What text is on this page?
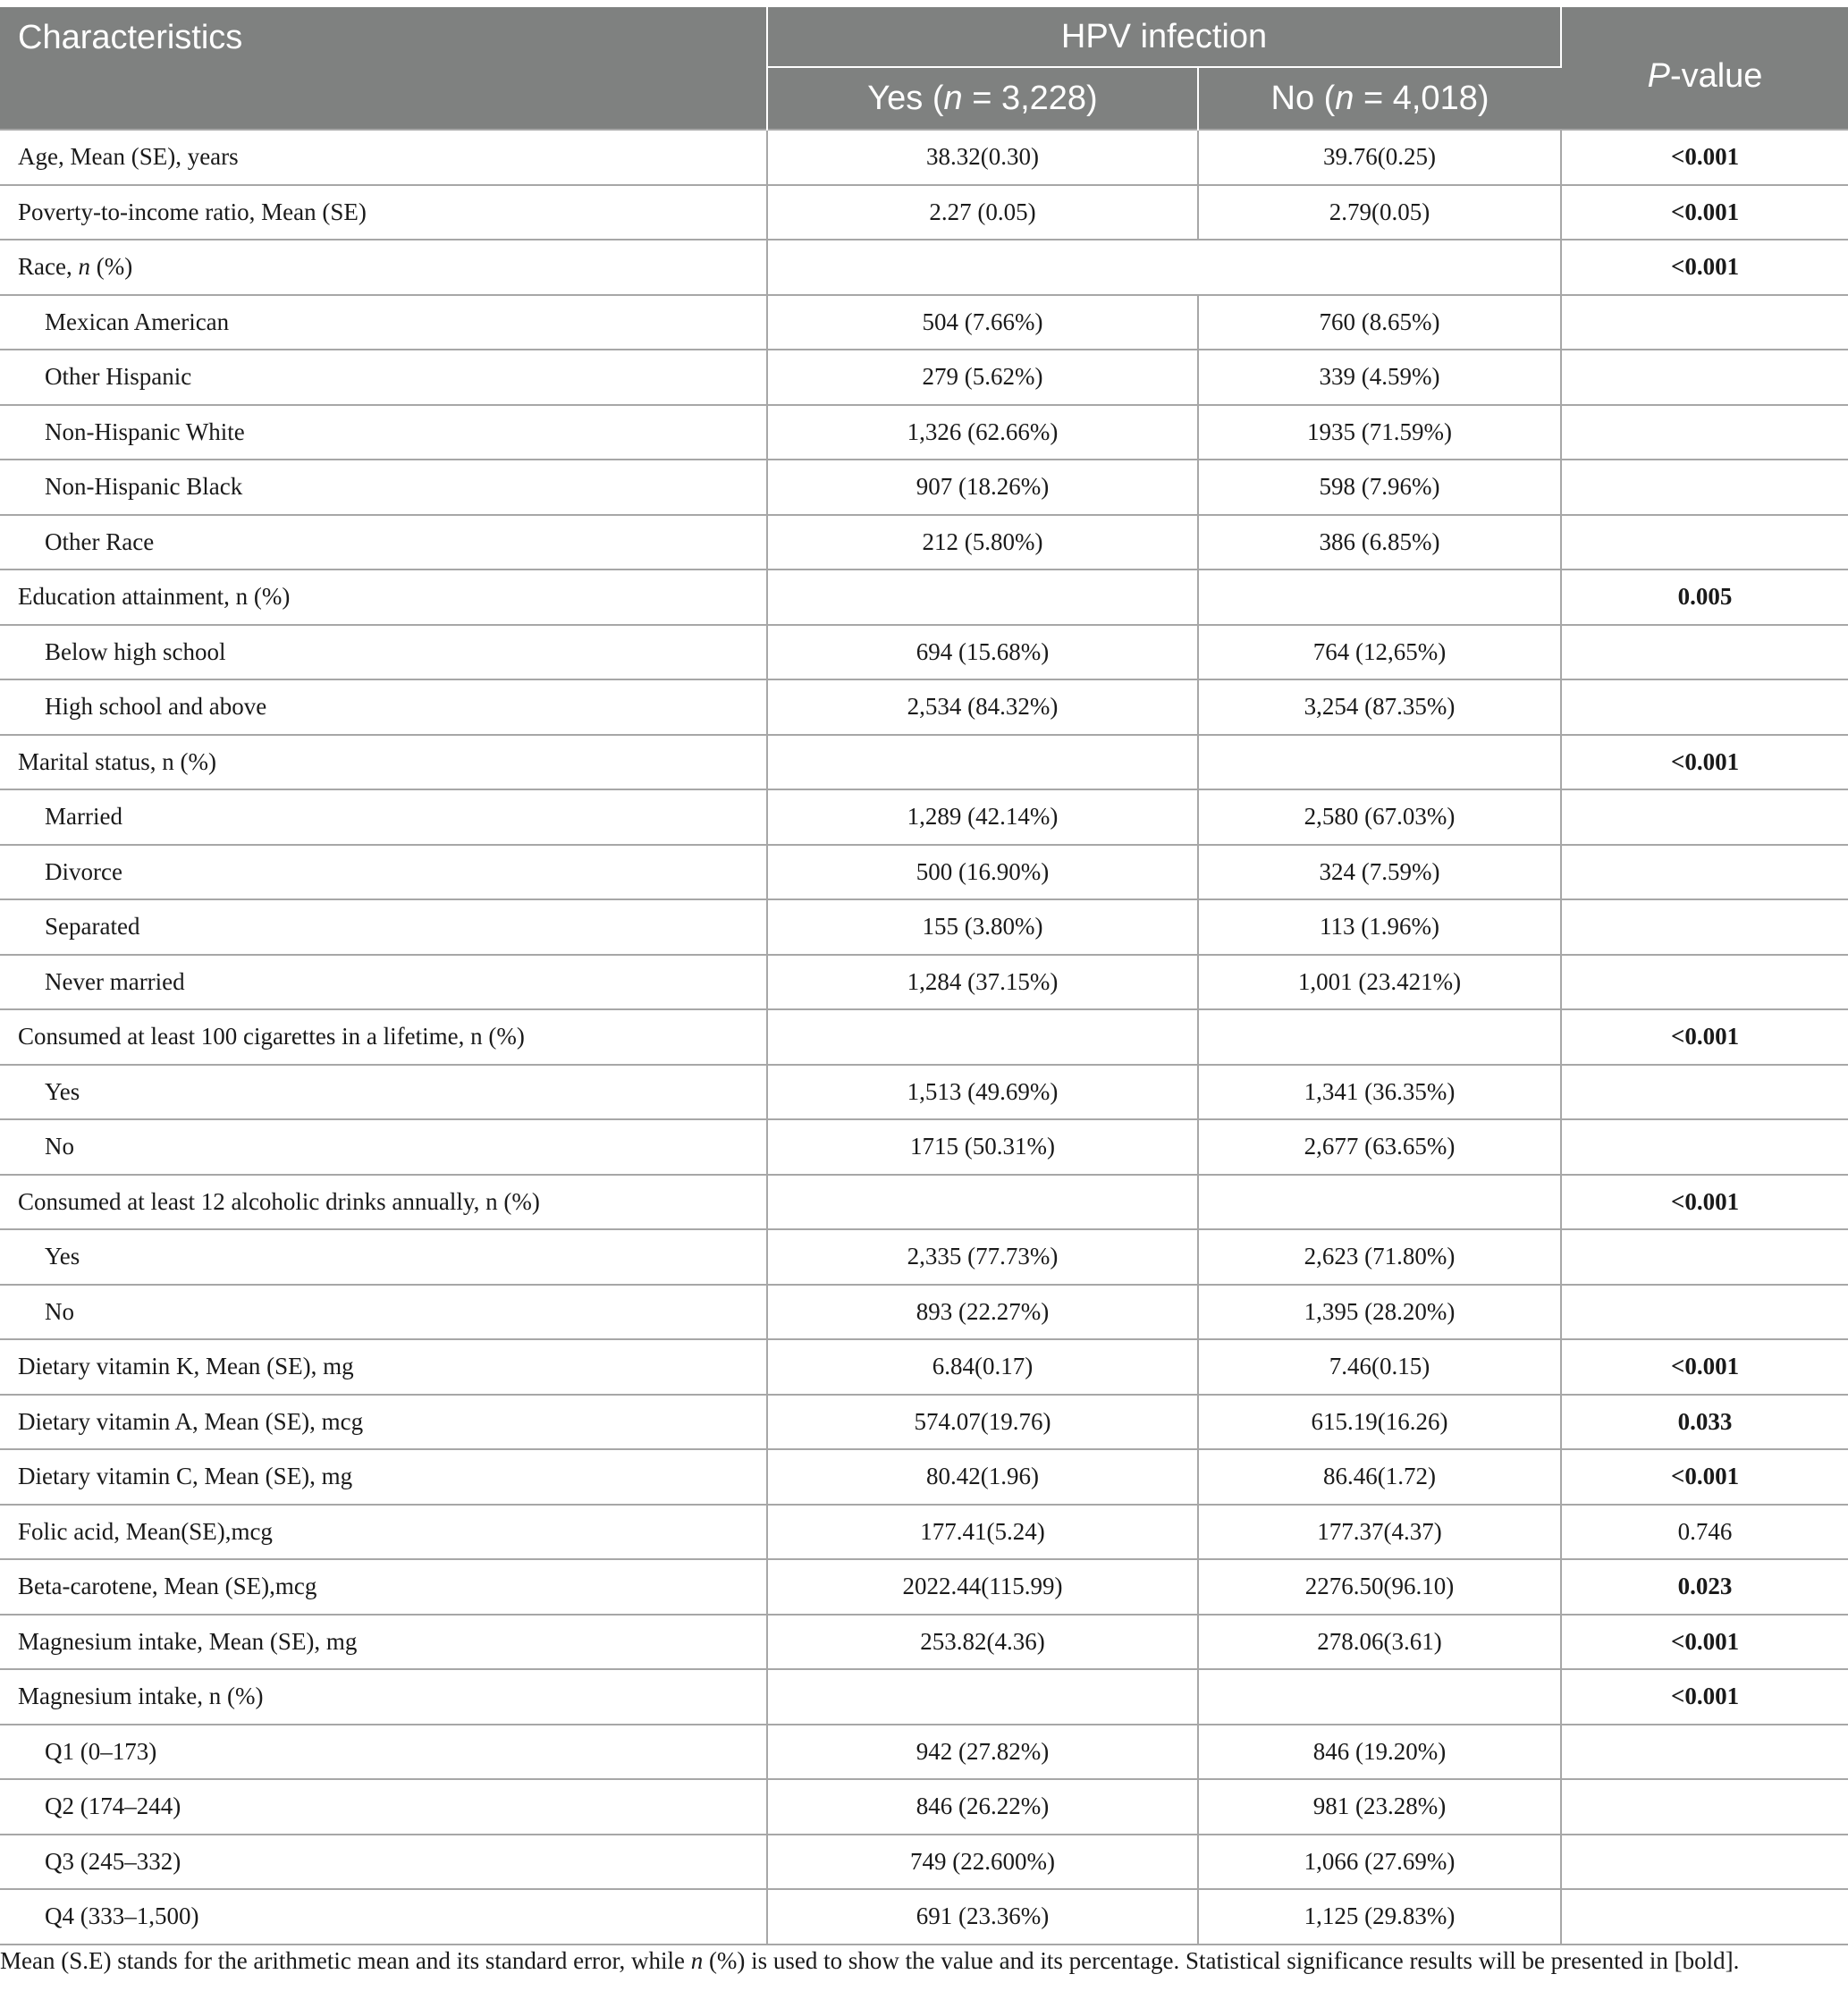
Characteristics	HPV infection		P-value
	Yes (n = 3,228)	No (n = 4,018)	
Age, Mean (SE), years	38.32(0.30)	39.76(0.25)	<0.001
Poverty-to-income ratio, Mean (SE)	2.27 (0.05)	2.79(0.05)	<0.001
Race, n (%)			<0.001
Mexican American	504 (7.66%)	760 (8.65%)	
Other Hispanic	279 (5.62%)	339 (4.59%)	
Non-Hispanic White	1,326 (62.66%)	1935 (71.59%)	
Non-Hispanic Black	907 (18.26%)	598 (7.96%)	
Other Race	212 (5.80%)	386 (6.85%)	
Education attainment, n (%)			0.005
Below high school	694 (15.68%)	764 (12,65%)	
High school and above	2,534 (84.32%)	3,254 (87.35%)	
Marital status, n (%)			<0.001
Married	1,289 (42.14%)	2,580 (67.03%)	
Divorce	500 (16.90%)	324 (7.59%)	
Separated	155 (3.80%)	113 (1.96%)	
Never married	1,284 (37.15%)	1,001 (23.421%)	
Consumed at least 100 cigarettes in a lifetime, n (%)			<0.001
Yes	1,513 (49.69%)	1,341 (36.35%)	
No	1715 (50.31%)	2,677 (63.65%)	
Consumed at least 12 alcoholic drinks annually, n (%)			<0.001
Yes	2,335 (77.73%)	2,623 (71.80%)	
No	893 (22.27%)	1,395 (28.20%)	
Dietary vitamin K, Mean (SE), mg	6.84(0.17)	7.46(0.15)	<0.001
Dietary vitamin A, Mean (SE), mcg	574.07(19.76)	615.19(16.26)	0.033
Dietary vitamin C, Mean (SE), mg	80.42(1.96)	86.46(1.72)	<0.001
Folic acid, Mean(SE),mcg	177.41(5.24)	177.37(4.37)	0.746
Beta-carotene, Mean (SE),mcg	2022.44(115.99)	2276.50(96.10)	0.023
Magnesium intake, Mean (SE), mg	253.82(4.36)	278.06(3.61)	<0.001
Magnesium intake, n (%)			<0.001
Q1 (0–173)	942 (27.82%)	846 (19.20%)	
Q2 (174–244)	846 (26.22%)	981 (23.28%)	
Q3 (245–332)	749 (22.600%)	1,066 (27.69%)	
Q4 (333–1,500)	691 (23.36%)	1,125 (29.83%)	
Mean (S.E) stands for the arithmetic mean and its standard error, while n (%) is used to show the value and its percentage. Statistical significance results will be presented in [bold].
